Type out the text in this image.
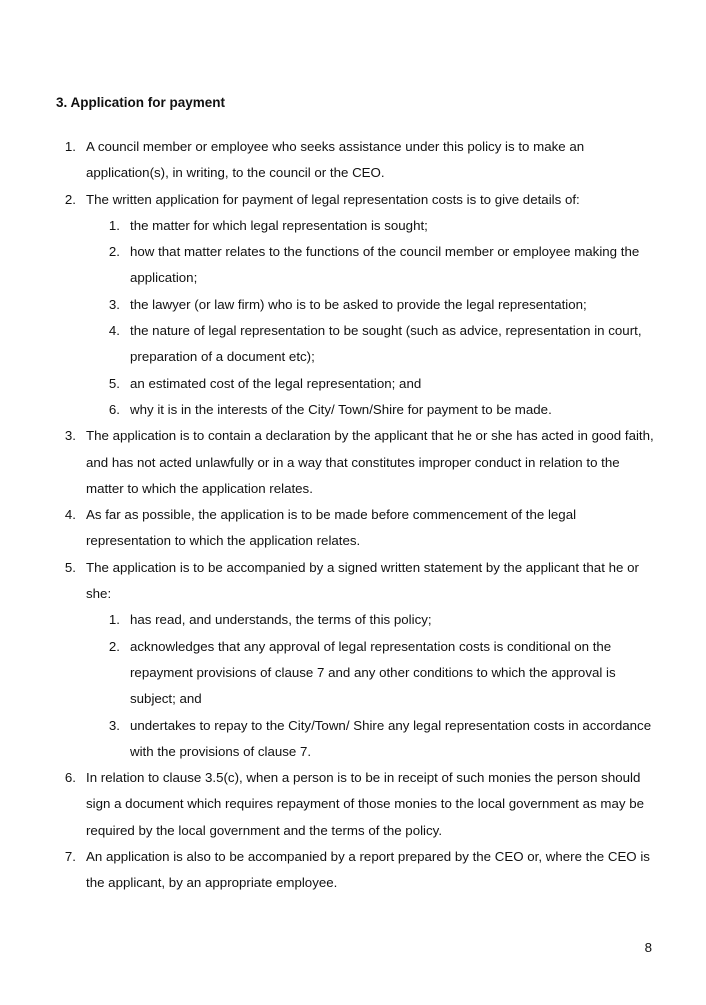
3. Application for payment
1. A council member or employee who seeks assistance under this policy is to make an application(s), in writing, to the council or the CEO.
2. The written application for payment of legal representation costs is to give details of:
1. the matter for which legal representation is sought;
2. how that matter relates to the functions of the council member or employee making the application;
3. the lawyer (or law firm) who is to be asked to provide the legal representation;
4. the nature of legal representation to be sought (such as advice, representation in court, preparation of a document etc);
5. an estimated cost of the legal representation; and
6. why it is in the interests of the City/ Town/Shire for payment to be made.
3. The application is to contain a declaration by the applicant that he or she has acted in good faith, and has not acted unlawfully or in a way that constitutes improper conduct in relation to the matter to which the application relates.
4. As far as possible, the application is to be made before commencement of the legal representation to which the application relates.
5. The application is to be accompanied by a signed written statement by the applicant that he or she:
1. has read, and understands, the terms of this policy;
2. acknowledges that any approval of legal representation costs is conditional on the repayment provisions of clause 7 and any other conditions to which the approval is subject; and
3. undertakes to repay to the City/Town/ Shire any legal representation costs in accordance with the provisions of clause 7.
6. In relation to clause 3.5(c), when a person is to be in receipt of such monies the person should sign a document which requires repayment of those monies to the local government as may be required by the local government and the terms of the policy.
7. An application is also to be accompanied by a report prepared by the CEO or, where the CEO is the applicant, by an appropriate employee.
8
